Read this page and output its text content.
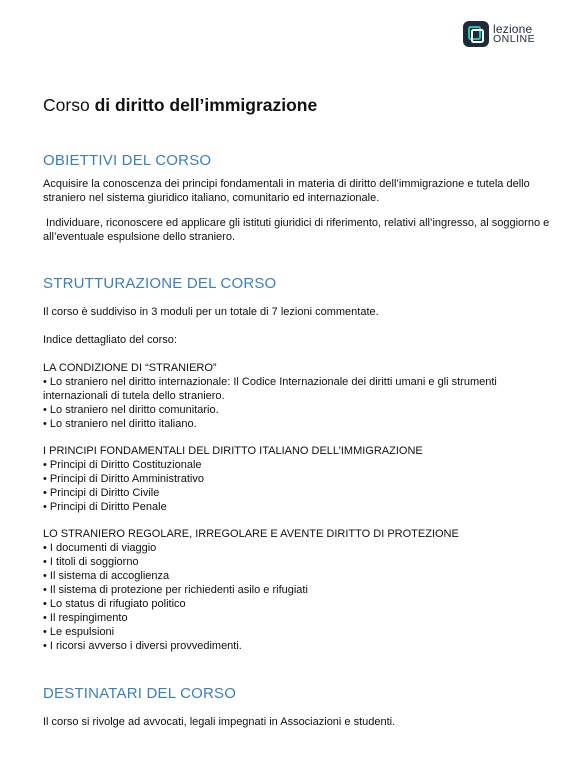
lezione
ONLINE
Corso di diritto dell’immigrazione
OBIETTIVI DEL CORSO

Acquisire la conoscenza dei principi fondamentali in materia di diritto dell’immigrazione e tutela dello straniero nel sistema giuridico italiano, comunitario ed internazionale.

Individuare, riconoscere ed applicare gli istituti giuridici di riferimento, relativi all’ingresso, al soggiorno e all’eventuale espulsione dello straniero.

STRUTTURAZIONE DEL CORSO

Il corso è suddiviso in 3 moduli per un totale di 7 lezioni commentate.

Indice dettagliato del corso:

LA CONDIZIONE DI “STRANIERO”

• Lo straniero nel diritto internazionale: Il Codice Internazionale dei diritti umani e gli strumenti internazionali di tutela dello straniero.
• Lo straniero nel diritto comunitario.
• Lo straniero nel diritto italiano.

I PRINCIPI FONDAMENTALI DEL DIRITTO ITALIANO DELL’IMMIGRAZIONE

• Principi di Diritto Costituzionale
• Principi di Diritto Amministrativo
• Principi di Diritto Civile
• Principi di Diritto Penale

LO STRANIERO REGOLARE, IRREGOLARE E AVENTE DIRITTO DI PROTEZIONE

• I documenti di viaggio
• I titoli di soggiorno
• Il sistema di accoglienza
• Il sistema di protezione per richiedenti asilo e rifugiati
• Lo status di rifugiato politico
• Il respingimento
• Le espulsioni
• I ricorsi avverso i diversi provvedimenti.
DESTINATARI DEL CORSO

Il corso si rivolge ad avvocati, legali impegnati in Associazioni e studenti.
